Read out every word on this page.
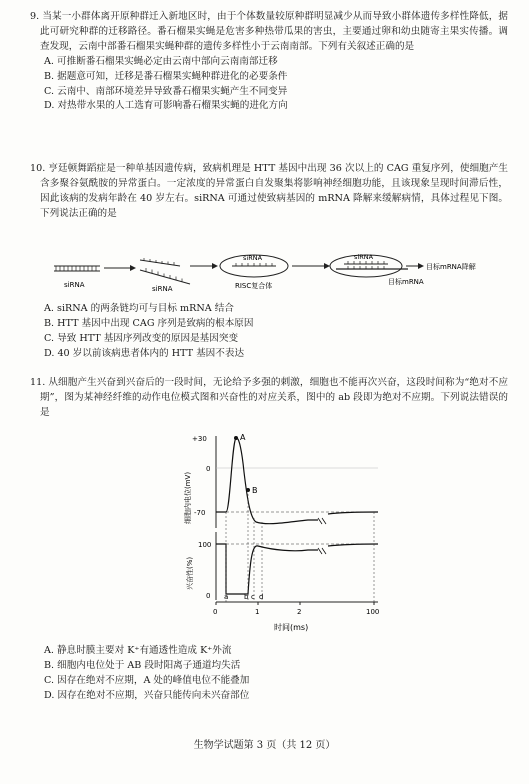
9. 当某一小群体离开原种群迁入新地区时，由于个体数量较原种群明显减少从而导致小群体遗传多样性降低，据此可研究种群的迁移路径。番石榴果实蝇是危害多种热带瓜果的害虫，主要通过卵和幼虫随寄主果实传播。调查发现，云南中部番石榴果实蝇种群的遗传多样性小于云南南部。下列有关叙述正确的是

A. 可推断番石榴果实蝇必定由云南中部向云南南部迁移

B. 据题意可知，迁移是番石榴果实蝇种群进化的必要条件

C. 云南中、南部环境差异导致番石榴果实蝇产生不同变异

D. 对热带水果的人工选育可影响番石榴果实蝇的进化方向

10. 亨廷顿舞蹈症是一种单基因遗传病，致病机理是 HTT 基因中出现 36 次以上的 CAG 重复序列，使细胞产生含多聚谷氨酰胺的异常蛋白。一定浓度的异常蛋白自发聚集将影响神经细胞功能，且该现象呈现时间滞后性，因此该病的发病年龄在 40 岁左右。siRNA 可通过使致病基因的 mRNA 降解来缓解病情，具体过程见下图。下列说法正确的是

siRNA	siRNA
siRNA
RISC复合体
siRNA
目标mRNA
目标mRNA降解

A. siRNA 的两条链均可与目标 mRNA 结合

B. HTT 基因中出现 CAG 序列是致病的根本原因

C. 导致 HTT 基因序列改变的原因是基因突变

D. 40 岁以前该病患者体内的 HTT 基因不表达

11. 从细胞产生兴奋到兴奋后的一段时间，无论给予多强的刺激，细胞也不能再次兴奋，这段时间称为“绝对不应期”，图为某神经纤维的动作电位模式图和兴奋性的对应关系，图中的 ab 段即为绝对不应期。下列说法错误的是

+30
0
-70
细胞内电位(mV)
A
B
100
0
兴奋性(%)
a b c d
0	1	2	100
时间(ms)

A. 静息时膜主要对 K⁺有通透性造成 K⁺外流

B. 细胞内电位处于 AB 段时阳离子通道均失活

C. 因存在绝对不应期，A 处的峰值电位不能叠加

D. 因存在绝对不应期，兴奋只能传向未兴奋部位

生物学试题第 3 页（共 12 页）
